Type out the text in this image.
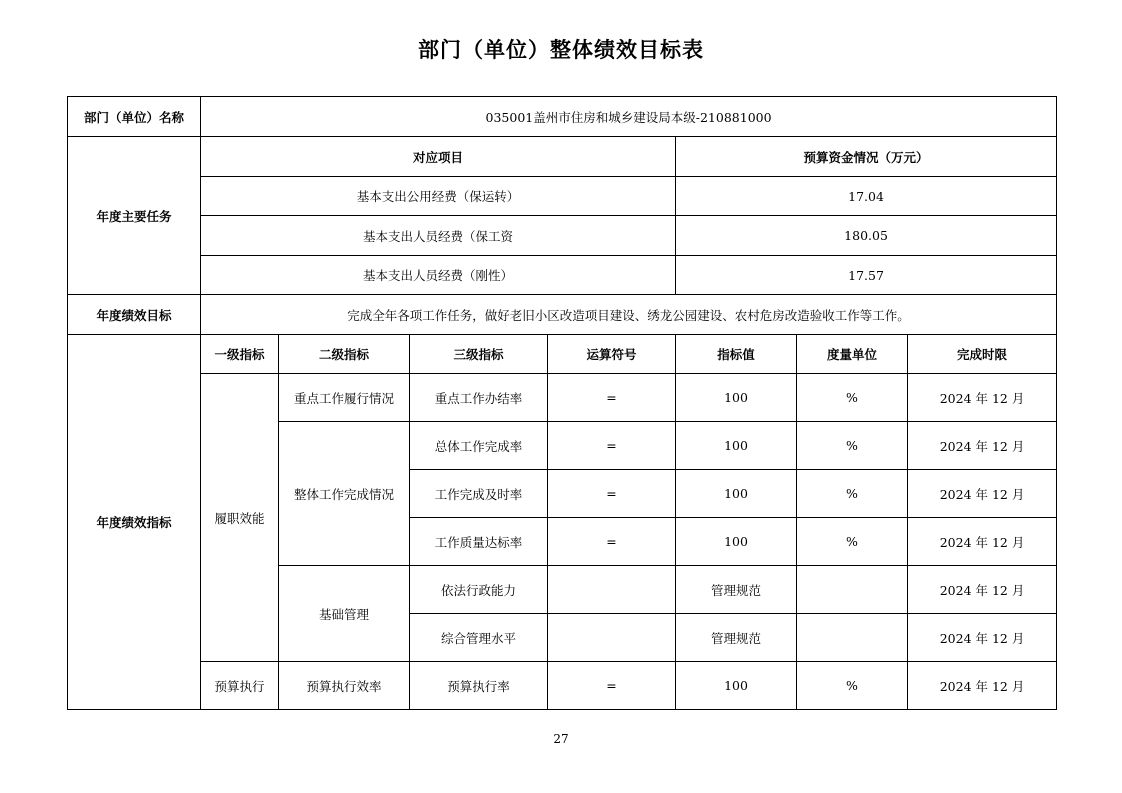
部门（单位）整体绩效目标表
部门（单位）名称	035001盖州市住房和城乡建设局本级-210881000						
年度主要任务	对应项目				预算资金情况（万元）		
	基本支出公用经费（保运转）				17.04		
	基本支出人员经费（保工资				180.05		
	基本支出人员经费（刚性）				17.57		
年度绩效目标	完成全年各项工作任务，做好老旧小区改造项目建设、绣龙公园建设、农村危房改造验收工作等工作。						
年度绩效指标	一级指标	二级指标	三级指标	运算符号	指标值	度量单位	完成时限
	履职效能	重点工作履行情况	重点工作办结率	=	100	%	2024 年 12 月
		整体工作完成情况	总体工作完成率	=	100	%	2024 年 12 月
			工作完成及时率	=	100	%	2024 年 12 月
			工作质量达标率	=	100	%	2024 年 12 月
		基础管理	依法行政能力		管理规范		2024 年 12 月
			综合管理水平		管理规范		2024 年 12 月
	预算执行	预算执行效率	预算执行率	=	100	%	2024 年 12 月
27
